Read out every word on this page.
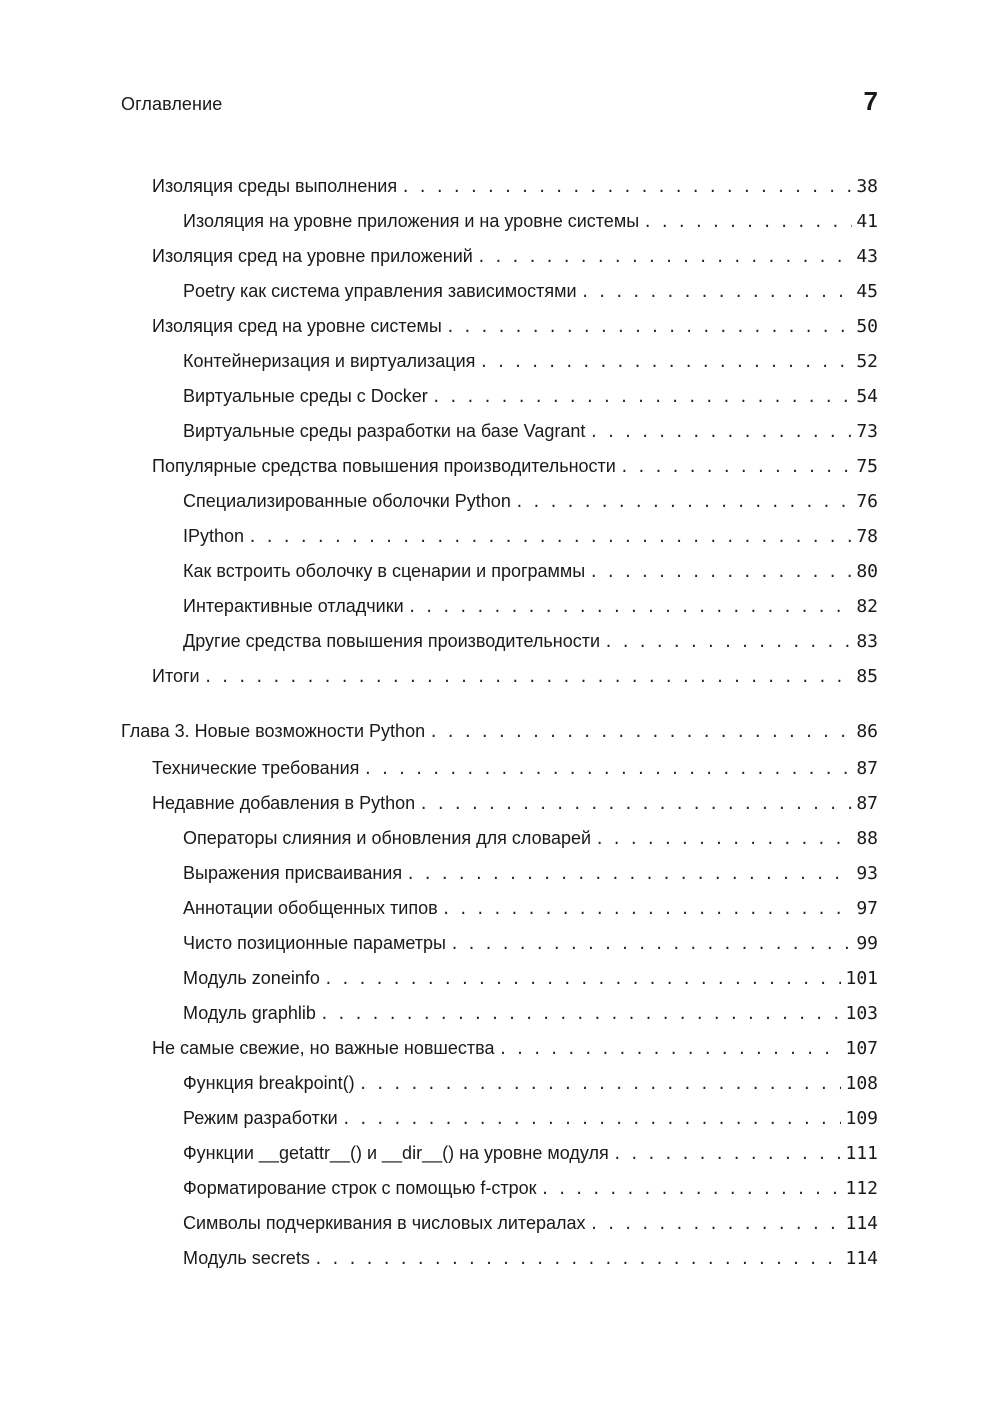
Оглавление	7
Изоляция среды выполнения . . .	38
Изоляция на уровне приложения и на уровне системы . . .	41
Изоляция сред на уровне приложений . . .	43
Poetry как система управления зависимостями . . .	45
Изоляция сред на уровне системы . . .	50
Контейнеризация и виртуализация . . .	52
Виртуальные среды с Docker . . .	54
Виртуальные среды разработки на базе Vagrant . . .	73
Популярные средства повышения производительности . . .	75
Специализированные оболочки Python . . .	76
IPython . . .	78
Как встроить оболочку в сценарии и программы . . .	80
Интерактивные отладчики . . .	82
Другие средства повышения производительности . . .	83
Итоги . . .	85
Глава 3. Новые возможности Python . . .	86
Технические требования . . .	87
Недавние добавления в Python . . .	87
Операторы слияния и обновления для словарей . . .	88
Выражения присваивания . . .	93
Аннотации обобщенных типов . . .	97
Чисто позиционные параметры . . .	99
Модуль zoneinfo . . .	101
Модуль graphlib . . .	103
Не самые свежие, но важные новшества . . .	107
Функция breakpoint() . . .	108
Режим разработки . . .	109
Функции __getattr__() и __dir__() на уровне модуля . . .	111
Форматирование строк с помощью f-строк . . .	112
Символы подчеркивания в числовых литералах . . .	114
Модуль secrets . . .	114
